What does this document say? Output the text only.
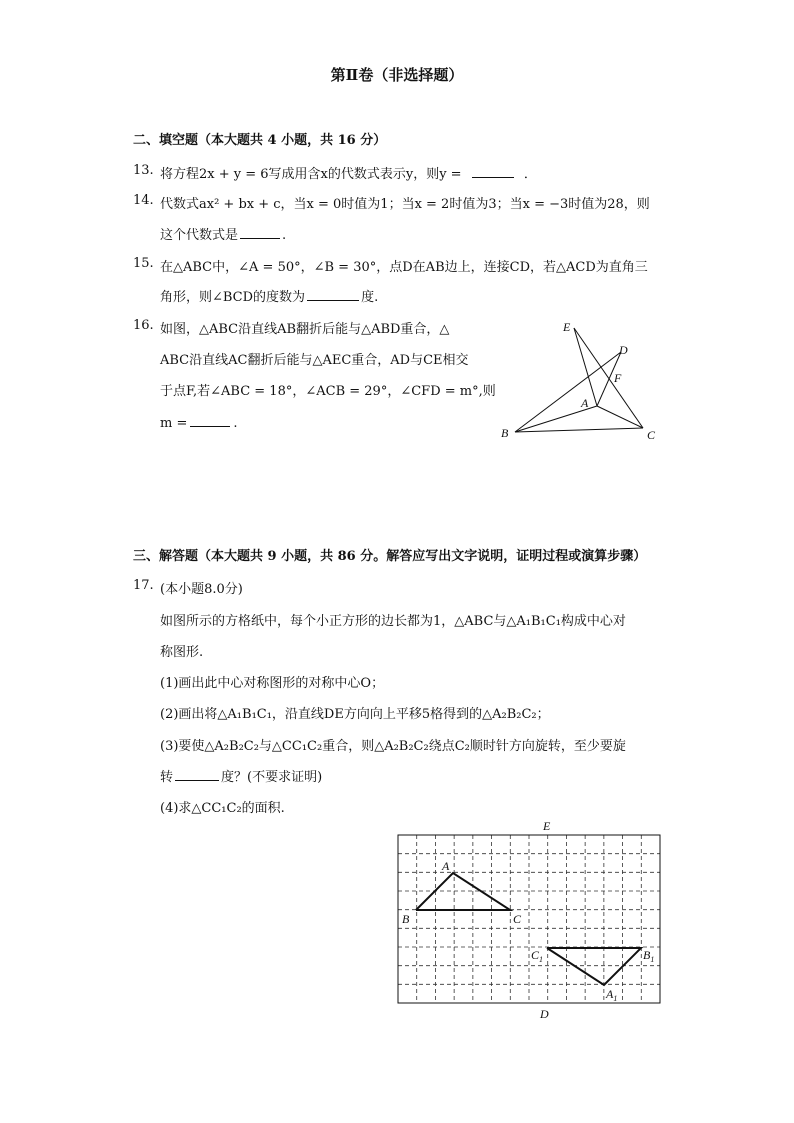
第Ⅱ卷（非选择题）
二、填空题（本大题共 4 小题，共 16 分）
13. 将方程2x + y = 6写成用含x的代数式表示y，则y =	．
14. 代数式ax² + bx + c，当x = 0时值为1；当x = 2时值为3；当x = −3时值为28，则
这个代数式是	.
15. 在△ABC中，∠A = 50°，∠B = 30°，点D在AB边上，连接CD，若△ACD为直角三
角形，则∠BCD的度数为	度.
16. 如图，△ABC沿直线AB翻折后能与△ABD重合，△
ABC沿直线AC翻折后能与△AEC重合，AD与CE相交
于点F,若∠ABC = 18°，∠ACB = 29°，∠CFD = m°,则
m =	.
E
D
F
A
B	C
三、解答题（本大题共 9 小题，共 86 分。解答应写出文字说明，证明过程或演算步骤）
17. (本小题8.0分)
如图所示的方格纸中，每个小正方形的边长都为1，△ABC与△A₁B₁C₁构成中心对
称图形.
(1)画出此中心对称图形的对称中心O；
(2)画出将△A₁B₁C₁，沿直线DE方向向上平移5格得到的△A₂B₂C₂；
(3)要使△A₂B₂C₂与△CC₁C₂重合，则△A₂B₂C₂绕点C₂顺时针方向旋转，至少要旋
转	度？(不要求证明)
(4)求△CC₁C₂的面积.
E
D
A
B	C
$C_1$	$B_1$
$A_1$
